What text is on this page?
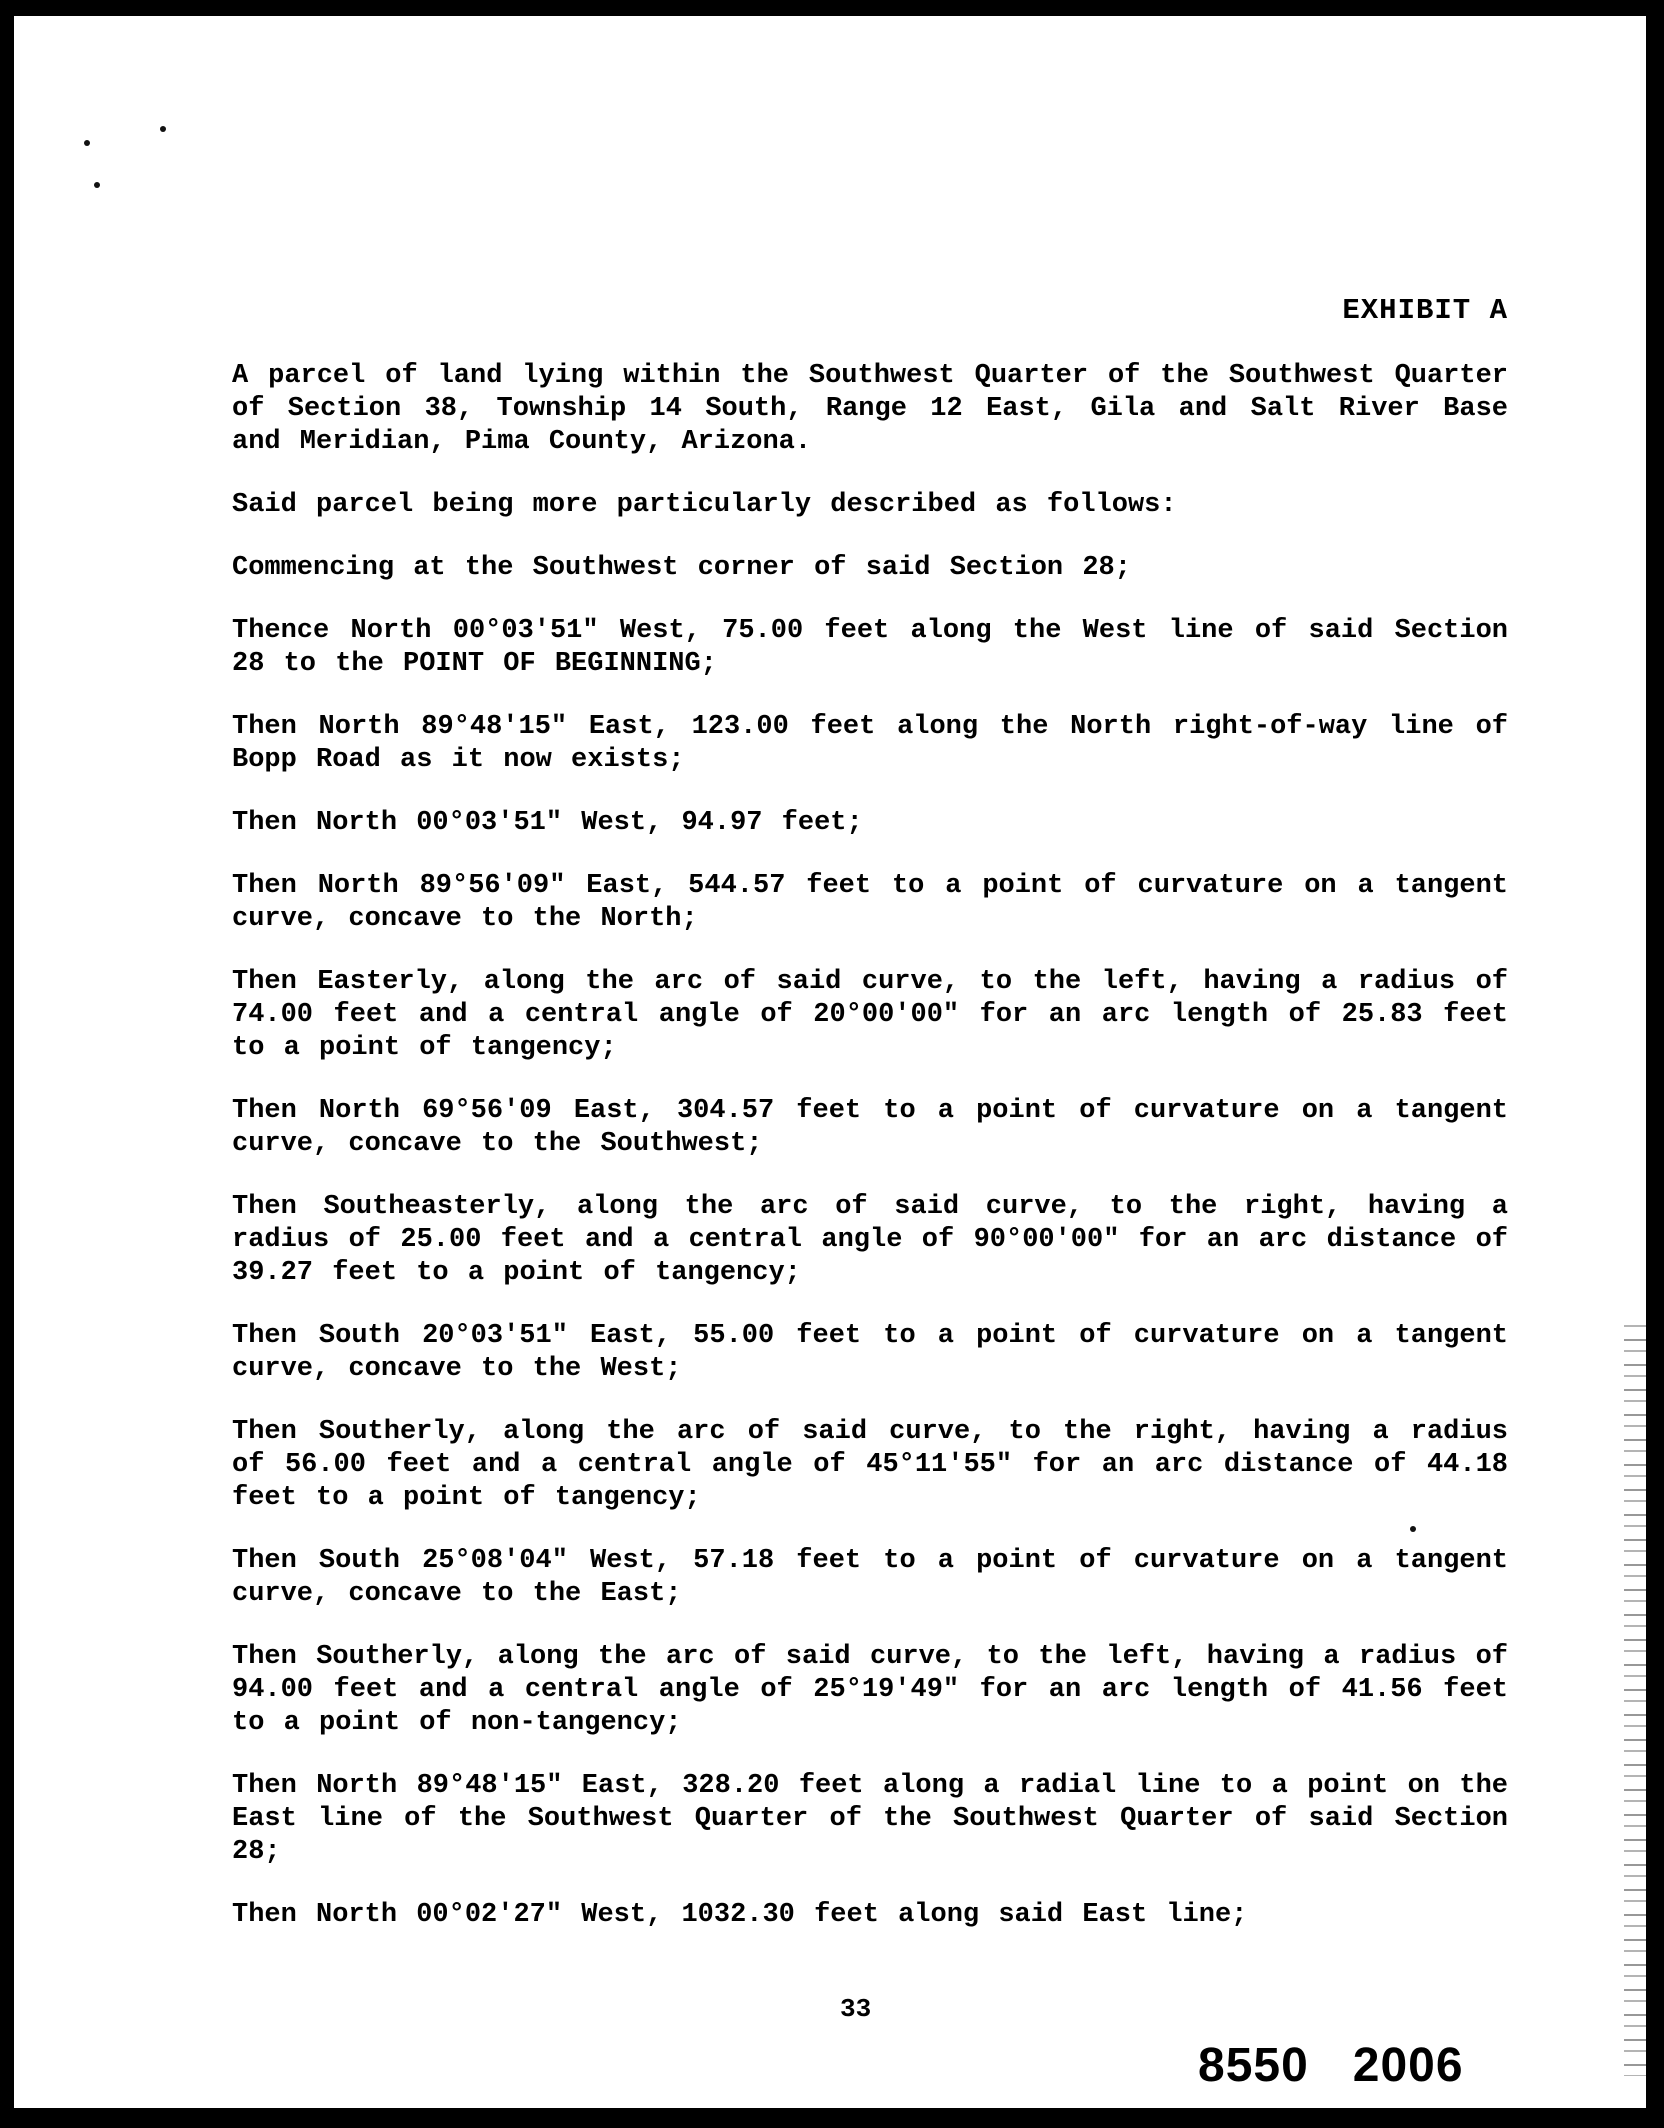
EXHIBIT A

A parcel of land lying within the Southwest Quarter of the Southwest Quarter of Section 38, Township 14 South, Range 12 East, Gila and Salt River Base and Meridian, Pima County, Arizona.

Said parcel being more particularly described as follows:

Commencing at the Southwest corner of said Section 28;

Thence North 00°03'51" West, 75.00 feet along the West line of said Section 28 to the POINT OF BEGINNING;

Then North 89°48'15" East, 123.00 feet along the North right-of-way line of Bopp Road as it now exists;

Then North 00°03'51" West, 94.97 feet;

Then North 89°56'09" East, 544.57 feet to a point of curvature on a tangent curve, concave to the North;

Then Easterly, along the arc of said curve, to the left, having a radius of 74.00 feet and a central angle of 20°00'00" for an arc length of 25.83 feet to a point of tangency;

Then North 69°56'09 East, 304.57 feet to a point of curvature on a tangent curve, concave to the Southwest;

Then Southeasterly, along the arc of said curve, to the right, having a radius of 25.00 feet and a central angle of 90°00'00" for an arc distance of 39.27 feet to a point of tangency;

Then South 20°03'51" East, 55.00 feet to a point of curvature on a tangent curve, concave to the West;

Then Southerly, along the arc of said curve, to the right, having a radius of 56.00 feet and a central angle of 45°11'55" for an arc distance of 44.18 feet to a point of tangency;

Then South 25°08'04" West, 57.18 feet to a point of curvature on a tangent curve, concave to the East;

Then Southerly, along the arc of said curve, to the left, having a radius of 94.00 feet and a central angle of 25°19'49" for an arc length of 41.56 feet to a point of non-tangency;

Then North 89°48'15" East, 328.20 feet along a radial line to a point on the East line of the Southwest Quarter of the Southwest Quarter of said Section 28;

Then North 00°02'27" West, 1032.30 feet along said East line;

33

8550 2006
